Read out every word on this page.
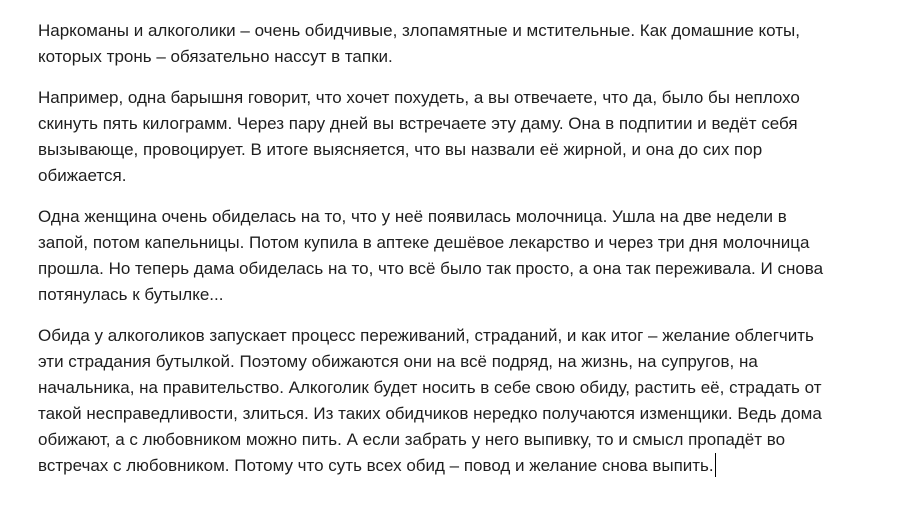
Наркоманы и алкоголики – очень обидчивые, злопамятные и мстительные. Как домашние коты,
которых тронь – обязательно нассут в тапки.

Например, одна барышня говорит, что хочет похудеть, а вы отвечаете, что да, было бы неплохо
скинуть пять килограмм. Через пару дней вы встречаете эту даму. Она в подпитии и ведёт себя
вызывающе, провоцирует. В итоге выясняется, что вы назвали её жирной, и она до сих пор
обижается.

Одна женщина очень обиделась на то, что у неё появилась молочница. Ушла на две недели в
запой, потом капельницы. Потом купила в аптеке дешёвое лекарство и через три дня молочница
прошла. Но теперь дама обиделась на то, что всё было так просто, а она так переживала. И снова
потянулась к бутылке...

Обида у алкоголиков запускает процесс переживаний, страданий, и как итог – желание облегчить
эти страдания бутылкой. Поэтому обижаются они на всё подряд, на жизнь, на супругов, на
начальника, на правительство. Алкоголик будет носить в себе свою обиду, растить её, страдать от
такой несправедливости, злиться. Из таких обидчиков нередко получаются изменщики. Ведь дома
обижают, а с любовником можно пить. А если забрать у него выпивку, то и смысл пропадёт во
встречах с любовником. Потому что суть всех обид – повод и желание снова выпить.
